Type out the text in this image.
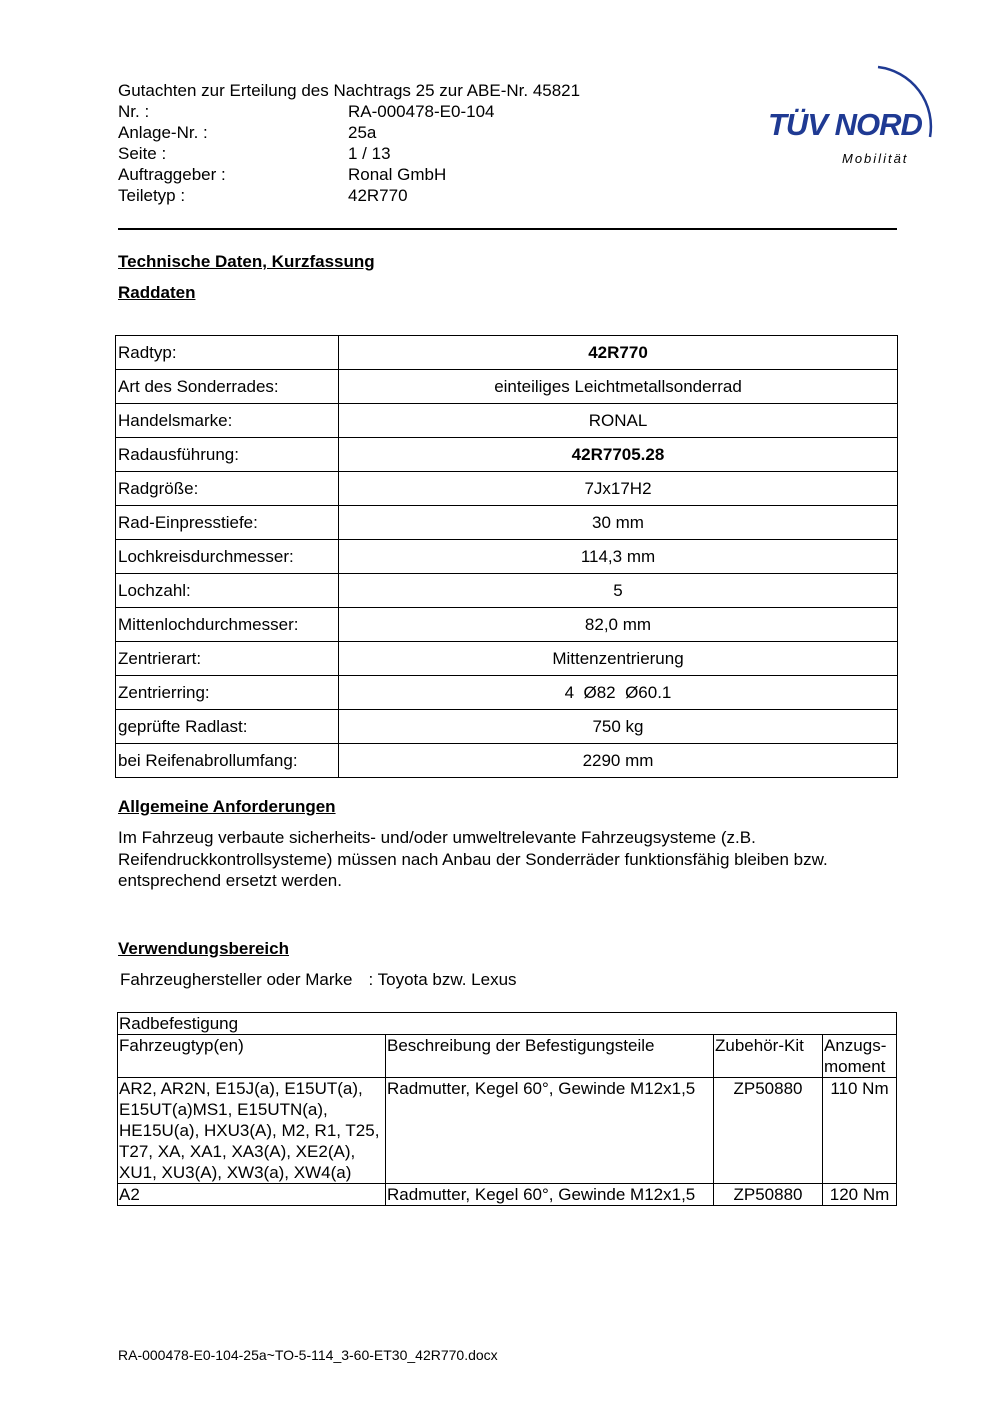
Gutachten zur Erteilung des Nachtrags 25 zur ABE-Nr. 45821
Nr. :	RA-000478-E0-104
Anlage-Nr. :	25a
Seite :	1 / 13
Auftraggeber :	Ronal GmbH
Teiletyp :	42R770
TÜV NORD
Mobilität
Technische Daten, Kurzfassung
Raddaten
Radtyp:	42R770
Art des Sonderrades:	einteiliges Leichtmetallsonderrad
Handelsmarke:	RONAL
Radausführung:	42R7705.28
Radgröße:	7Jx17H2
Rad-Einpresstiefe:	30 mm
Lochkreisdurchmesser:	114,3 mm
Lochzahl:	5
Mittenlochdurchmesser:	82,0 mm
Zentrierart:	Mittenzentrierung
Zentrierring:	4  Ø82  Ø60.1
geprüfte Radlast:	750 kg
bei Reifenabrollumfang:	2290 mm
Allgemeine Anforderungen
Im Fahrzeug verbaute sicherheits- und/oder umweltrelevante Fahrzeugsysteme (z.B. Reifendruckkontrollsysteme) müssen nach Anbau der Sonderräder funktionsfähig bleiben bzw. entsprechend ersetzt werden.
Verwendungsbereich
Fahrzeughersteller oder Marke : Toyota bzw. Lexus
Radbefestigung			
Fahrzeugtyp(en)	Beschreibung der Befestigungsteile	Zubehör-Kit	Anzugs-
moment
AR2, AR2N, E15J(a), E15UT(a), E15UT(a)MS1, E15UTN(a), HE15U(a), HXU3(A), M2, R1, T25, T27, XA, XA1, XA3(A), XE2(A), XU1, XU3(A), XW3(a), XW4(a)	Radmutter, Kegel 60°, Gewinde M12x1,5	ZP50880	110 Nm
A2	Radmutter, Kegel 60°, Gewinde M12x1,5	ZP50880	120 Nm
RA-000478-E0-104-25a~TO-5-114_3-60-ET30_42R770.docx
